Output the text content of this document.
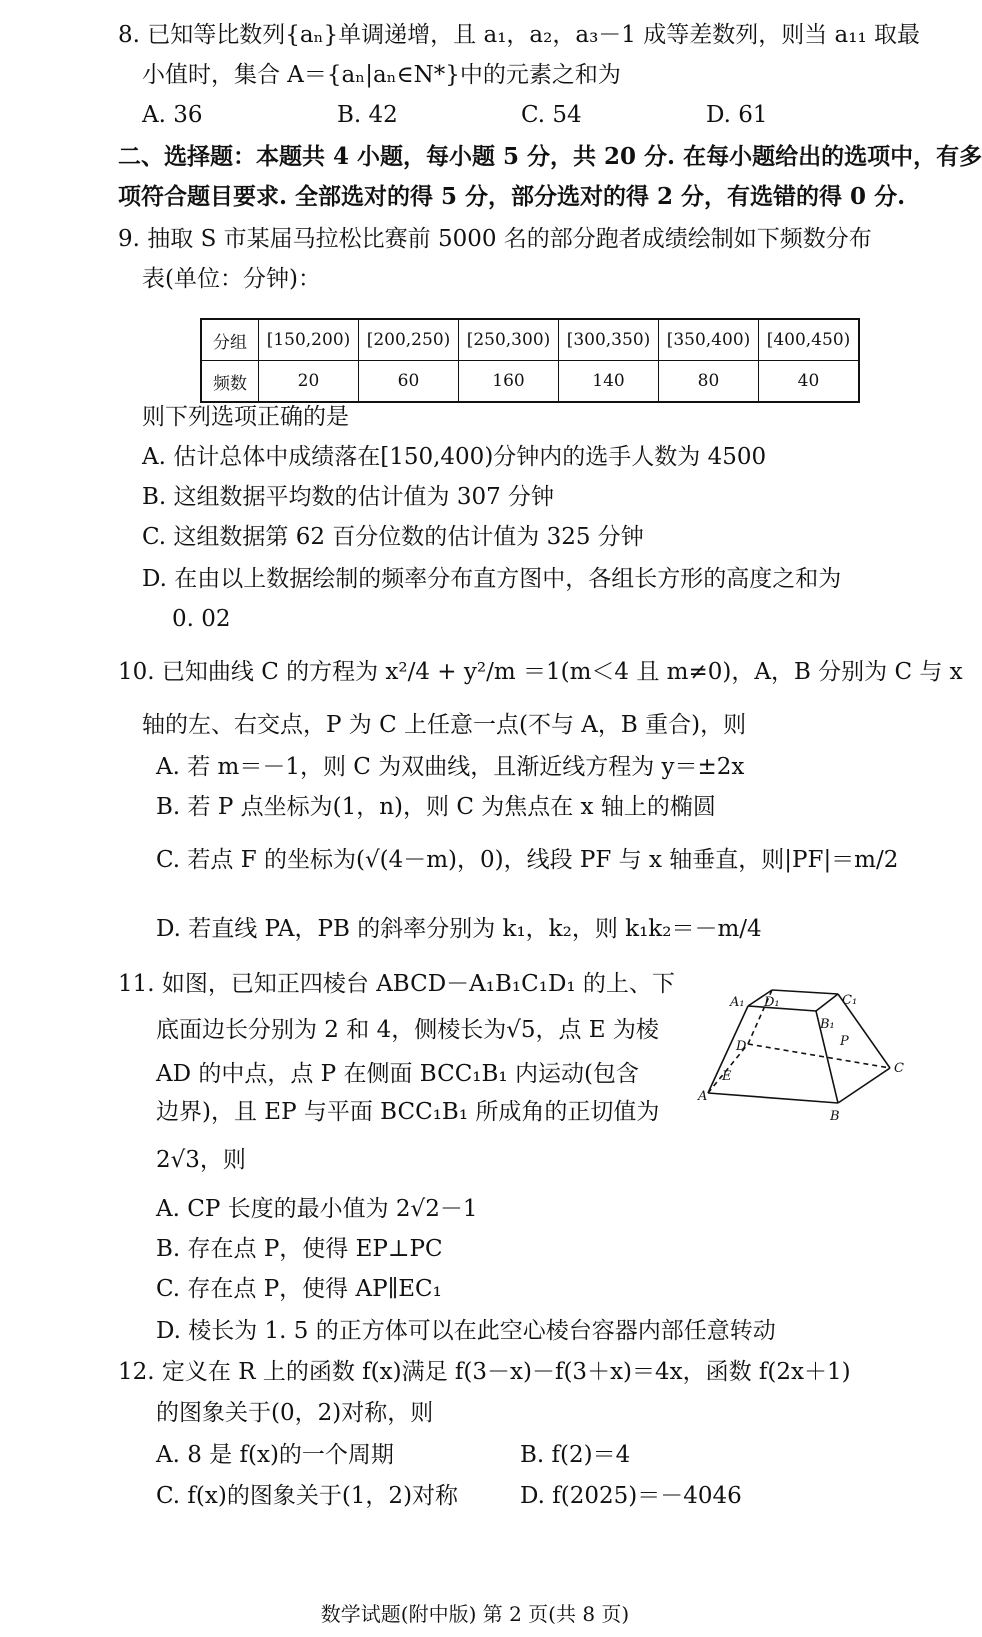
8. 已知等比数列{aₙ}单调递增，且 a₁，a₂，a₃－1 成等差数列，则当 a₁₁ 取最
小值时，集合 A＝{aₙ|aₙ∈N*}中的元素之和为
A. 36	B. 42	C. 54	D. 61
二、选择题：本题共 4 小题，每小题 5 分，共 20 分. 在每小题给出的选项中，有多
项符合题目要求. 全部选对的得 5 分，部分选对的得 2 分，有选错的得 0 分.
9. 抽取 S 市某届马拉松比赛前 5000 名的部分跑者成绩绘制如下频数分布
表(单位：分钟)：
分组	[150,200)	[200,250)	[250,300)	[300,350)	[350,400)	[400,450)
频数	20	60	160	140	80	40
则下列选项正确的是
A. 估计总体中成绩落在[150,400)分钟内的选手人数为 4500
B. 这组数据平均数的估计值为 307 分钟
C. 这组数据第 62 百分位数的估计值为 325 分钟
D. 在由以上数据绘制的频率分布直方图中，各组长方形的高度之和为
0. 02
10. 已知曲线 C 的方程为 x²/4 + y²/m ＝1(m＜4 且 m≠0)，A，B 分别为 C 与 x
轴的左、右交点，P 为 C 上任意一点(不与 A，B 重合)，则
A. 若 m＝－1，则 C 为双曲线，且渐近线方程为 y＝±2x
B. 若 P 点坐标为(1，n)，则 C 为焦点在 x 轴上的椭圆
C. 若点 F 的坐标为(√(4－m)，0)，线段 PF 与 x 轴垂直，则|PF|＝m/2
D. 若直线 PA，PB 的斜率分别为 k₁，k₂，则 k₁k₂＝－m/4
11. 如图，已知正四棱台 ABCD－A₁B₁C₁D₁ 的上、下
底面边长分别为 2 和 4，侧棱长为√5，点 E 为棱
AD 的中点，点 P 在侧面 BCC₁B₁ 内运动(包含
边界)，且 EP 与平面 BCC₁B₁ 所成角的正切值为
2√3，则
D₁	C₁
A₁
B₁
D	P
E
C
A
B
A. CP 长度的最小值为 2√2－1
B. 存在点 P，使得 EP⊥PC
C. 存在点 P，使得 AP∥EC₁
D. 棱长为 1. 5 的正方体可以在此空心棱台容器内部任意转动
12. 定义在 R 上的函数 f(x)满足 f(3－x)－f(3＋x)＝4x，函数 f(2x＋1)
的图象关于(0，2)对称，则
A. 8 是 f(x)的一个周期	B. f(2)＝4
C. f(x)的图象关于(1，2)对称	D. f(2025)＝－4046
数学试题(附中版) 第 2 页(共 8 页)
